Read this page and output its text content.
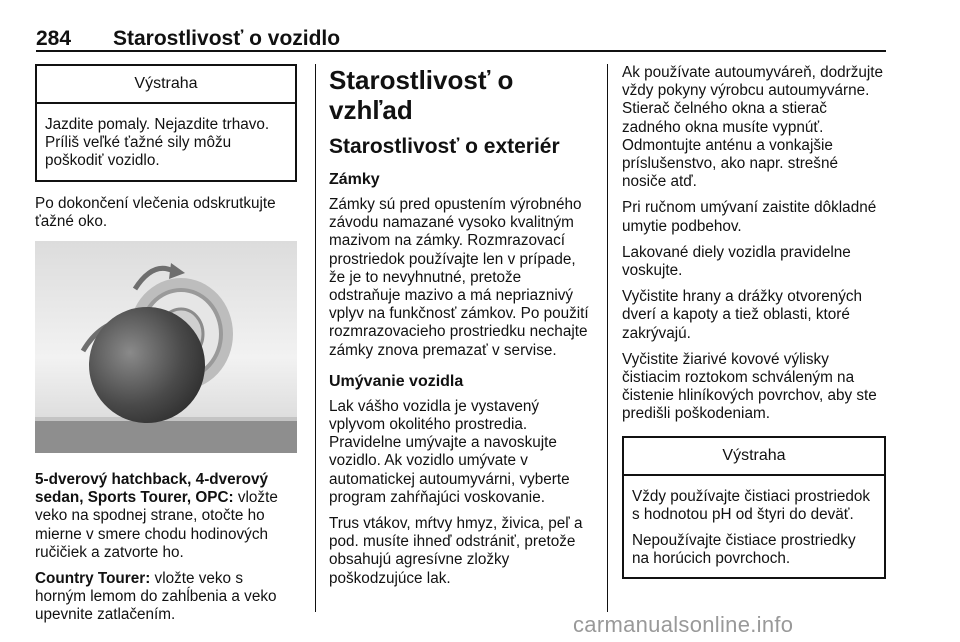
284 Starostlivosť o vozidlo
Výstraha

Jazdite pomaly. Nejazdite trhavo. Príliš veľké ťažné sily môžu poškodiť vozidlo.

Po dokončení vlečenia odskrutkujte ťažné oko.

5-dverový hatchback, 4-dverový sedan, Sports Tourer, OPC: vložte veko na spodnej strane, otočte ho mierne v smere chodu hodinových ručičiek a zatvorte ho.

Country Tourer: vložte veko s horným lemom do zahĺbenia a veko upevnite zatlačením.

Starostlivosť o vzhľad
Starostlivosť o exteriér
Zámky

Zámky sú pred opustením výrobného závodu namazané vysoko kvalitným mazivom na zámky. Rozmrazovací prostriedok používajte len v prípade, že je to nevyhnutné, pretože odstraňuje mazivo a má nepriaznivý vplyv na funkčnosť zámkov. Po použití rozmrazovacieho prostriedku nechajte zámky znova premazať v servise.

Umývanie vozidla

Lak vášho vozidla je vystavený vplyvom okolitého prostredia. Pravidelne umývajte a navoskujte vozidlo. Ak vozidlo umývate v automatickej autoumyvárni, vyberte program zahŕňajúci voskovanie.

Trus vtákov, mŕtvy hmyz, živica, peľ a pod. musíte ihneď odstrániť, pretože obsahujú agresívne zložky poškodzujúce lak.

Ak používate autoumyváreň, dodržujte vždy pokyny výrobcu autoumyvárne. Stierač čelného okna a stierač zadného okna musíte vypnúť. Odmontujte anténu a vonkajšie príslušenstvo, ako napr. strešné nosiče atď.

Pri ručnom umývaní zaistite dôkladné umytie podbehov.

Lakované diely vozidla pravidelne voskujte.

Vyčistite hrany a drážky otvorených dverí a kapoty a tiež oblasti, ktoré zakrývajú.

Vyčistite žiarivé kovové výlisky čistiacim roztokom schváleným na čistenie hliníkových povrchov, aby ste predišli poškodeniam.

Výstraha

Vždy používajte čistiaci prostriedok s hodnotou pH od štyri do deväť.

Nepoužívajte čistiace prostriedky na horúcich povrchoch.

carmanualsonline.info
